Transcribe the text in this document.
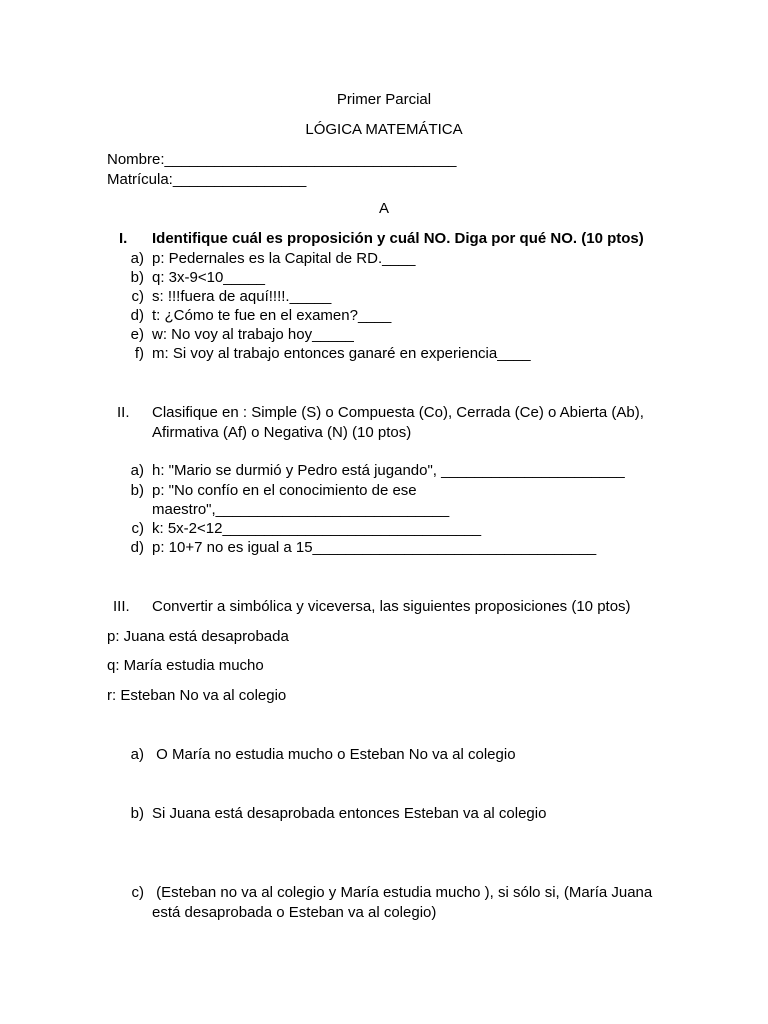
Primer Parcial
LÓGICA MATEMÁTICA
Nombre:___________________________________
Matrícula:________________
A
I. Identifique cuál es proposición y cuál NO. Diga por qué NO. (10 ptos)
a) p: Pedernales es la Capital de RD.____
b) q: 3x-9<10_____
c) s: !!!fuera de aquí!!!!._____
d) t: ¿Cómo te fue en el examen?____
e) w: No voy al trabajo hoy_____
f) m: Si voy al trabajo entonces ganaré en experiencia____
II. Clasifique en : Simple (S) o Compuesta (Co), Cerrada (Ce) o Abierta (Ab),
Afirmativa (Af) o Negativa (N) (10 ptos)
a) h: "Mario se durmió y Pedro está jugando", ______________________
b) p: "No confío en el conocimiento de ese
maestro",____________________________
c) k: 5x-2<12_______________________________
d) p: 10+7 no es igual a 15__________________________________
III. Convertir a simbólica y viceversa, las siguientes proposiciones (10 ptos)
p: Juana está desaprobada
q: María estudia mucho
r: Esteban No va al colegio
a) O María no estudia mucho o Esteban No va al colegio
b) Si Juana está desaprobada entonces Esteban va al colegio
c) (Esteban no va al colegio y María estudia mucho ), si sólo si, (María Juana
está desaprobada o Esteban va al colegio)
